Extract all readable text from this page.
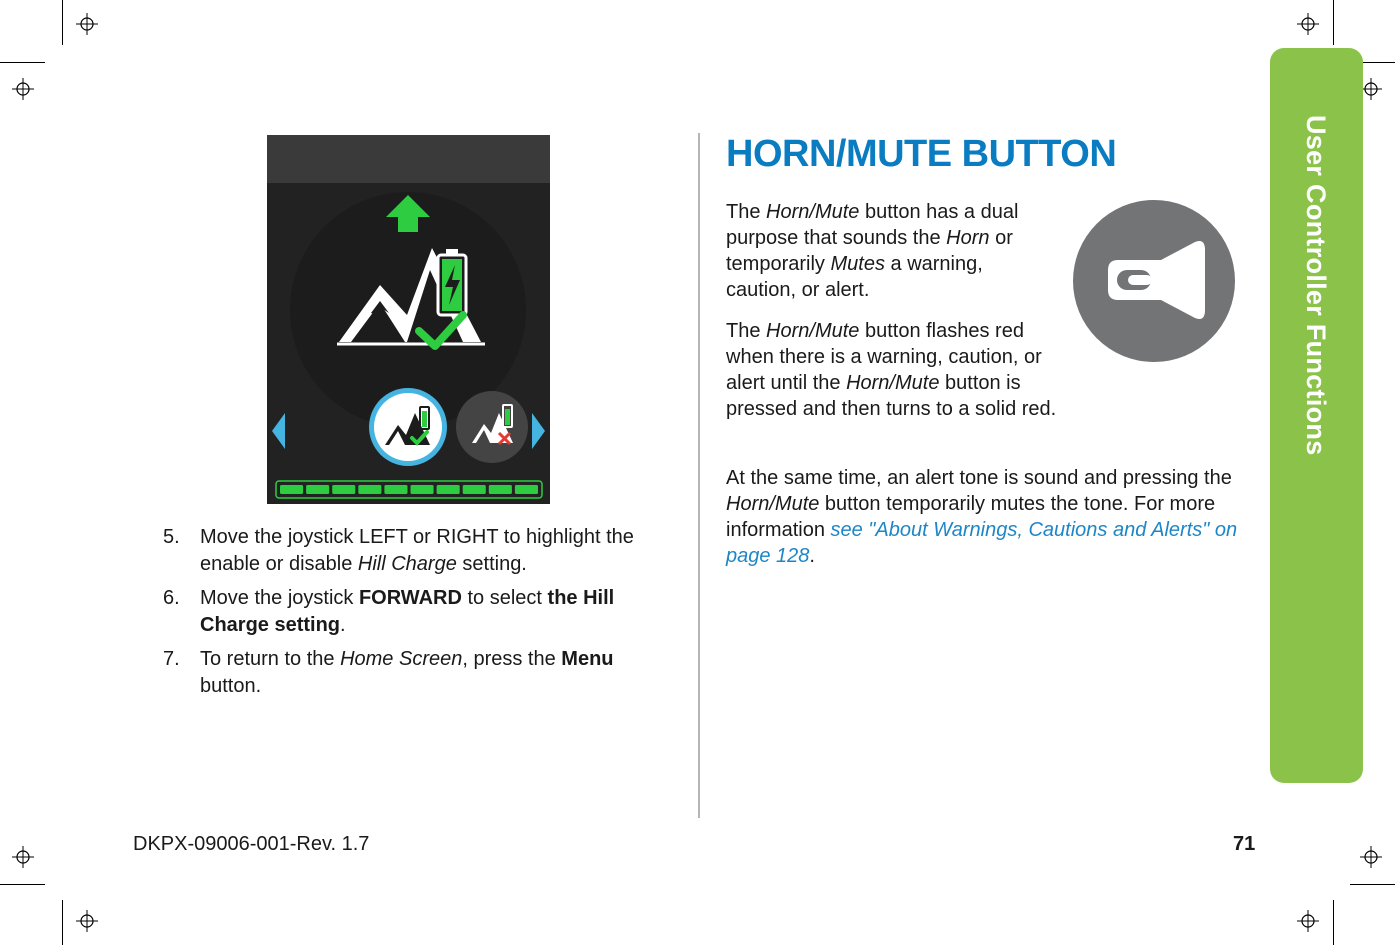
User Controller Functions
5. Move the joystick LEFT or RIGHT to highlight the enable or disable Hill Charge setting.
6. Move the joystick FORWARD to select the Hill Charge setting.
7. To return to the Home Screen, press the Menu button.
HORN/MUTE BUTTON

The Horn/Mute button has a dual purpose that sounds the Horn or temporarily Mutes a warning, caution, or alert.

The Horn/Mute button flashes red when there is a warning, caution, or alert until the Horn/Mute button is pressed and then turns to a solid red.

At the same time, an alert tone is sound and pressing the Horn/Mute button temporarily mutes the tone. For more information see "About Warnings, Cautions and Alerts" on page 128.

DKPX-09006-001-Rev. 1.7	71
